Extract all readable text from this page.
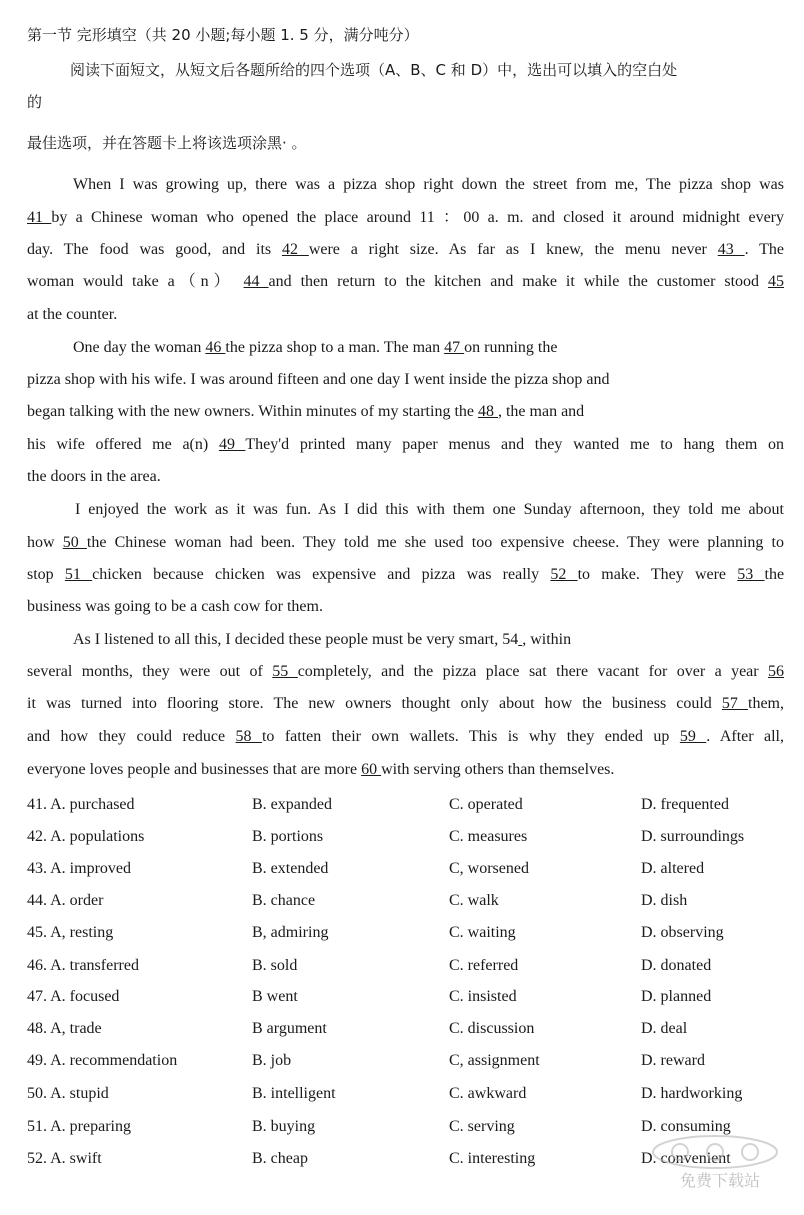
第一节 完形填空（共 20 小题;每小题 1. 5 分，满分吨分）
阅读下面短文，从短文后各题所给的四个选项（A、B、C 和 D）中，选出可以填入的空白处
的
最佳选项，并在答题卡上将该选项涂黑· 。
When I was growing up, there was a pizza shop right down the street from me, The pizza shop was
41 by a Chinese woman who opened the place around 11 ：00 a. m. and closed it around midnight every
day. The food was good, and its 42 were a right size. As far as I knew, the menu never 43 . The
woman would take a（n） 44 and then return to the kitchen and make it while the customer stood 45
at the counter.
One day the woman 46 the pizza shop to a man. The man 47 on running the
pizza shop with his wife. I was around fifteen and one day I went inside the pizza shop and
began talking with the new owners. Within minutes of my starting the 48 , the man and
his wife offered me a(n) 49 They'd printed many paper menus and they wanted me to hang them on
the doors in the area.
I enjoyed the work as it was fun. As I did this with them one Sunday afternoon, they told me about
how 50 the Chinese woman had been. They told me she used too expensive cheese. They were planning to
stop 51 chicken because chicken was expensive and pizza was really 52 to make. They were 53 the
business was going to be a cash cow for them.
As I listened to all this, I decided these people must be very smart, 54 , within
several months, they were out of 55 completely, and the pizza place sat there vacant for over a year 56
it was turned into flooring store. The new owners thought only about how the business could 57 them,
and how they could reduce 58 to fatten their own wallets. This is why they ended up 59 . After all,
everyone loves people and businesses that are more 60 with serving others than themselves.
41. A. purchased	B. expanded	C. operated	D. frequented
42. A. populations	B. portions	C. measures	D. surroundings
43. A. improved	B. extended	C, worsened	D. altered
44. A. order	B. chance	C. walk	D. dish
45. A, resting	B, admiring	C. waiting	D. observing
46. A. transferred	B. sold	C. referred	D. donated
47. A. focused	B went	C. insisted	D. planned
48. A, trade	B argument	C. discussion	D. deal
49. A. recommendation	B. job	C, assignment	D. reward
50. A. stupid	B. intelligent	C. awkward	D. hardworking
51. A. preparing	B. buying	C. serving	D. consuming
52. A. swift	B. cheap	C. interesting	D. convenient
免费下载站
